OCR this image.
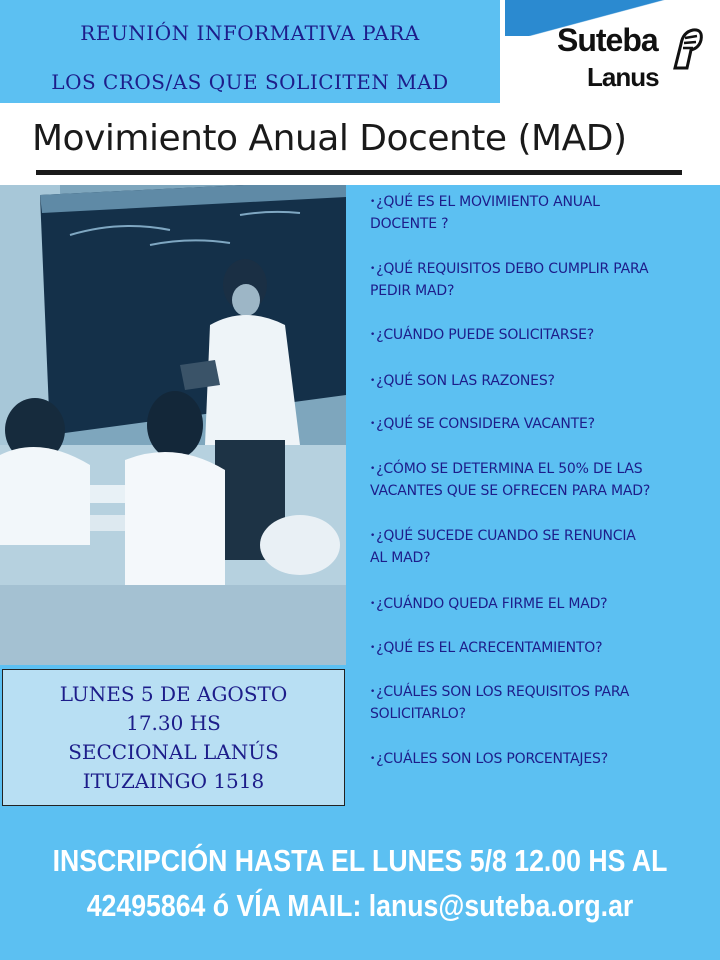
REUNIÓN INFORMATIVA PARA
LOS CROS/AS QUE SOLICITEN MAD
Suteba
Lanus
Movimiento Anual Docente (MAD)
•¿QUÉ ES EL MOVIMIENTO ANUAL
DOCENTE ?
•¿QUÉ REQUISITOS DEBO CUMPLIR PARA
PEDIR MAD?
•¿CUÁNDO PUEDE SOLICITARSE?
•¿QUÉ SON LAS RAZONES?
•¿QUÉ SE CONSIDERA VACANTE?
•¿CÓMO SE DETERMINA EL 50% DE LAS
VACANTES QUE SE OFRECEN PARA MAD?
•¿QUÉ SUCEDE CUANDO SE RENUNCIA
AL MAD?
•¿CUÁNDO QUEDA FIRME EL MAD?
•¿QUÉ ES EL ACRECENTAMIENTO?
•¿CUÁLES SON LOS REQUISITOS PARA
SOLICITARLO?
•¿CUÁLES SON LOS PORCENTAJES?
LUNES 5 DE AGOSTO
17.30 HS
SECCIONAL LANÚS
ITUZAINGO 1518
INSCRIPCIÓN HASTA EL LUNES 5/8 12.00 HS AL
42495864 ó VÍA MAIL: lanus@suteba.org.ar
